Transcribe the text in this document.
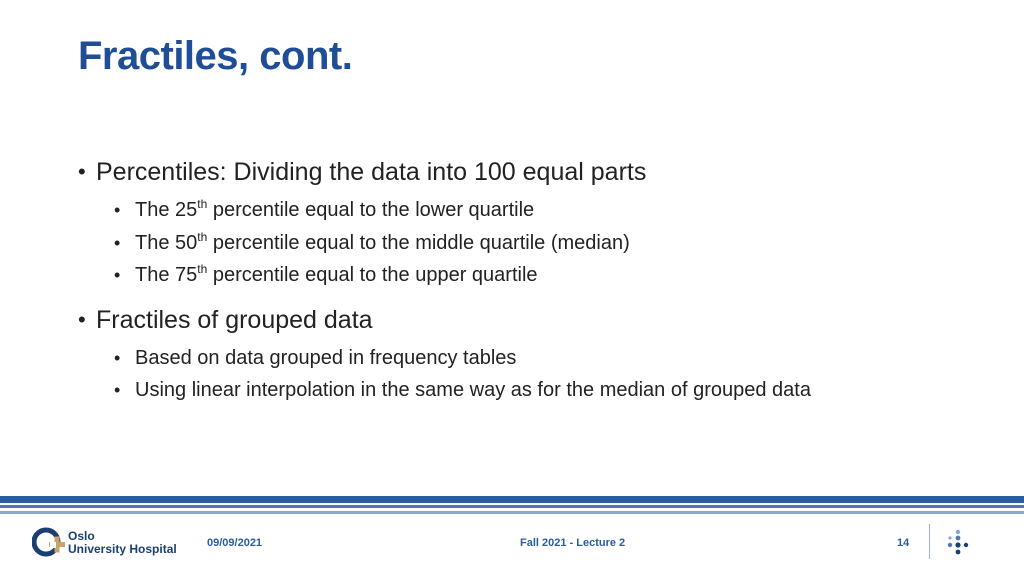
Fractiles, cont.
• Percentiles: Dividing the data into 100 equal parts
• The 25th percentile equal to the lower quartile
• The 50th percentile equal to the middle quartile (median)
• The 75th percentile equal to the upper quartile
• Fractiles of grouped data
• Based on data grouped in frequency tables
• Using linear interpolation in the same way as for the median of grouped data
Oslo
University Hospital	09/09/2021	Fall 2021 - Lecture 2	14
